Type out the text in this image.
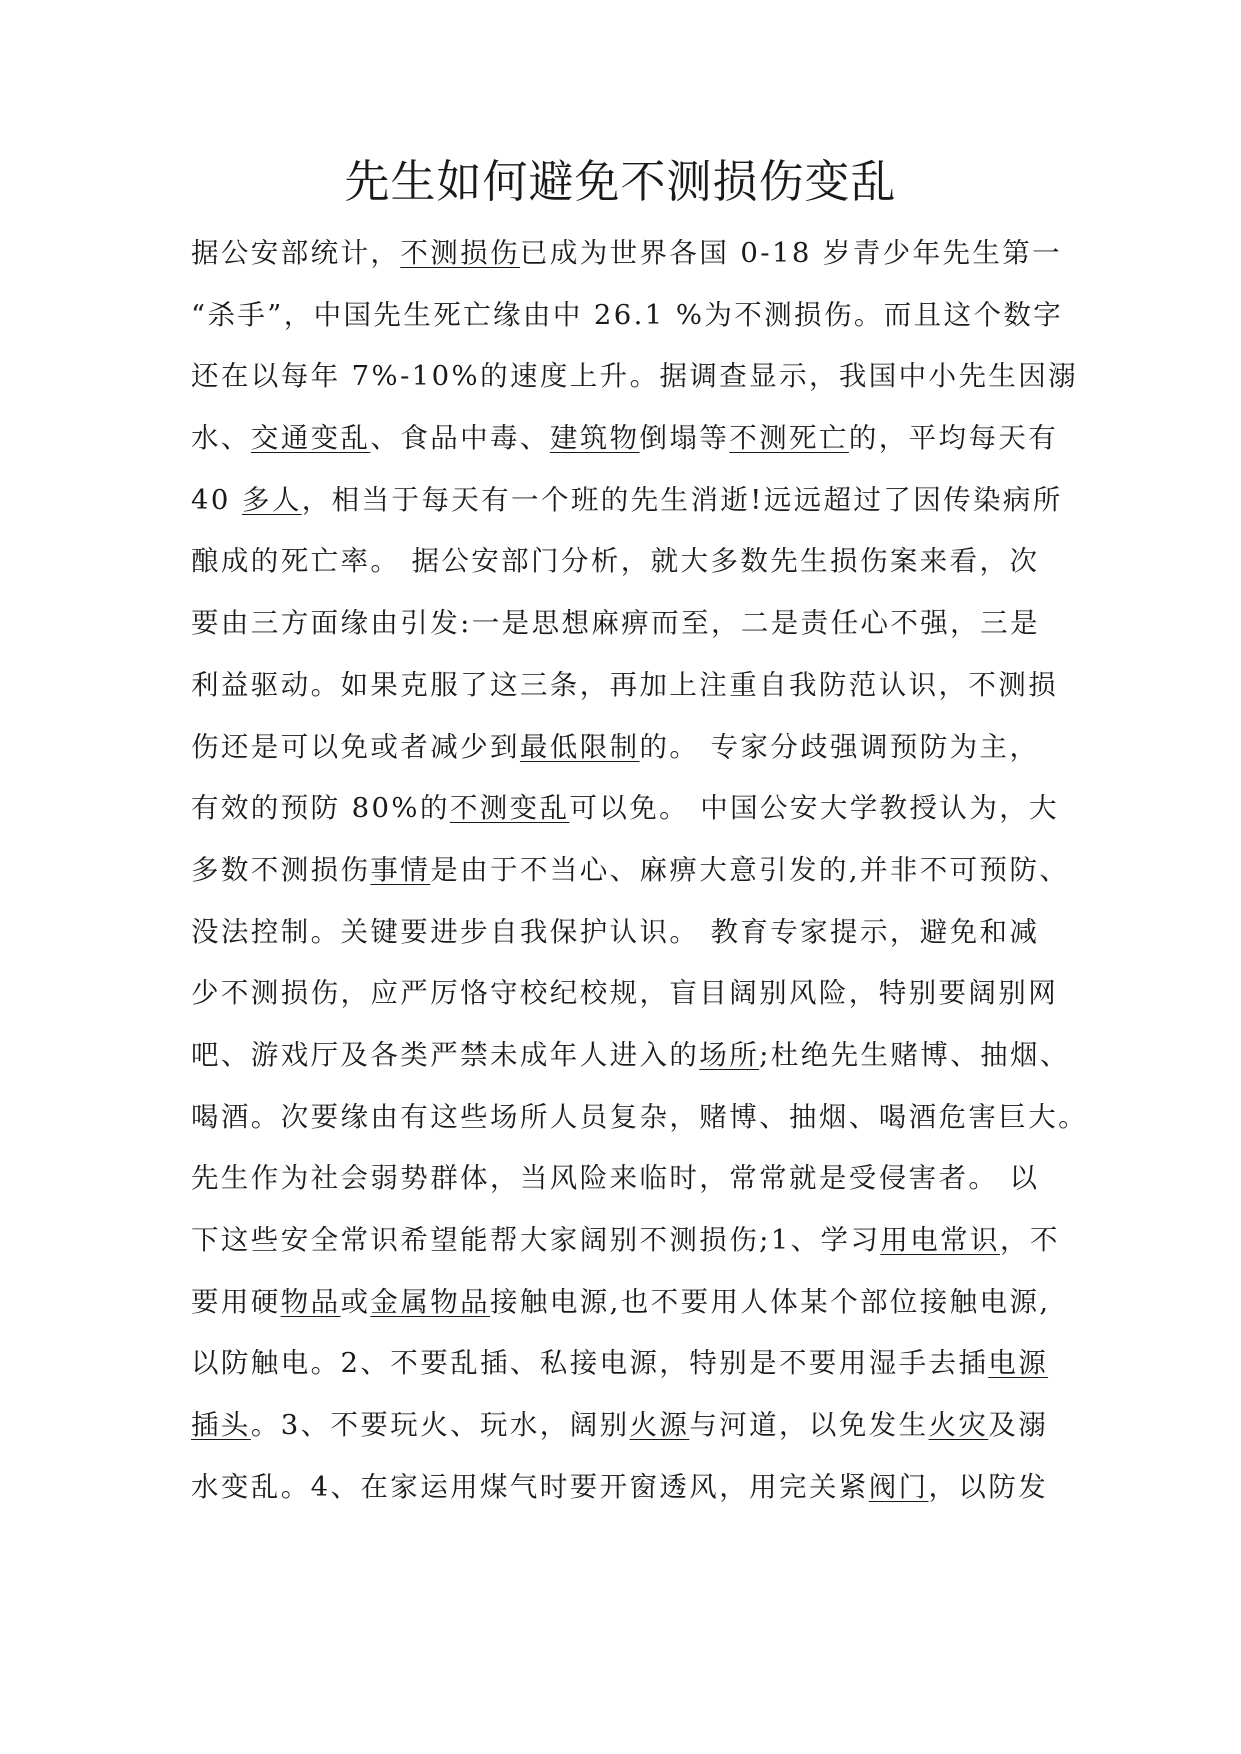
先生如何避免不测损伤变乱
据公安部统计，不测损伤已成为世界各国 0-18 岁青少年先生第一
“杀手”，中国先生死亡缘由中 26.1 %为不测损伤。而且这个数字
还在以每年 7%-10%的速度上升。据调查显示，我国中小先生因溺
水、交通变乱、食品中毒、建筑物倒塌等不测死亡的，平均每天有
40 多人，相当于每天有一个班的先生消逝!远远超过了因传染病所
酿成的死亡率。 据公安部门分析，就大多数先生损伤案来看，次
要由三方面缘由引发:一是思想麻痹而至，二是责任心不强，三是
利益驱动。如果克服了这三条，再加上注重自我防范认识，不测损
伤还是可以免或者减少到最低限制的。 专家分歧强调预防为主，
有效的预防 80%的不测变乱可以免。 中国公安大学教授认为，大
多数不测损伤事情是由于不当心、麻痹大意引发的,并非不可预防、
没法控制。关键要进步自我保护认识。 教育专家提示，避免和减
少不测损伤，应严厉恪守校纪校规，盲目阔别风险，特别要阔别网
吧、游戏厅及各类严禁未成年人进入的场所;杜绝先生赌博、抽烟、
喝酒。次要缘由有这些场所人员复杂，赌博、抽烟、喝酒危害巨大。
先生作为社会弱势群体，当风险来临时，常常就是受侵害者。 以
下这些安全常识希望能帮大家阔别不测损伤;1、学习用电常识，不
要用硬物品或金属物品接触电源,也不要用人体某个部位接触电源,
以防触电。2、不要乱插、私接电源，特别是不要用湿手去插电源
插头。3、不要玩火、玩水，阔别火源与河道，以免发生火灾及溺
水变乱。4、在家运用煤气时要开窗透风，用完关紧阀门，以防发
